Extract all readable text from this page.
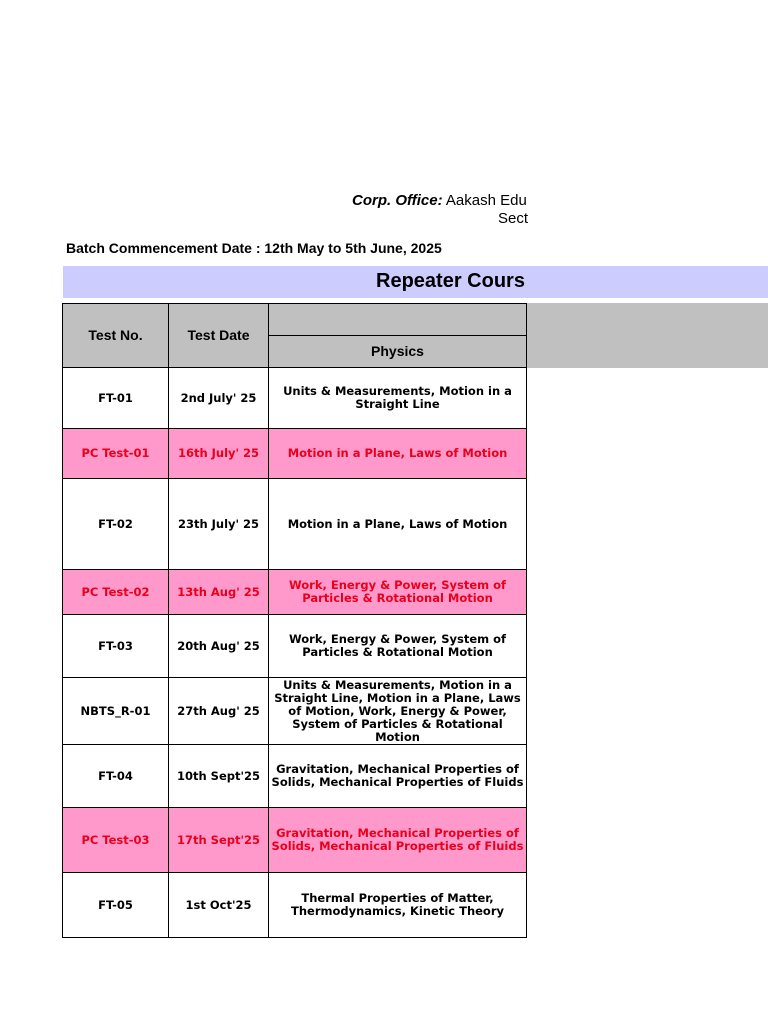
Corp. Office: Aakash Edu
Sect
Batch Commencement Date : 12th May to 5th June, 2025
Repeater Cours
Test No.	Test Date	
		Physics
FT-01	2nd July' 25	Units & Measurements, Motion in a Straight Line
PC Test-01	16th July' 25	Motion in a Plane, Laws of Motion
FT-02	23th July' 25	Motion in a Plane, Laws of Motion
PC Test-02	13th Aug' 25	Work, Energy & Power, System of Particles & Rotational Motion
FT-03	20th Aug' 25	Work, Energy & Power, System of Particles & Rotational Motion
NBTS_R-01	27th Aug' 25	Units & Measurements, Motion in a Straight Line, Motion in a Plane, Laws of Motion, Work, Energy & Power, System of Particles & Rotational Motion
FT-04	10th Sept'25	Gravitation, Mechanical Properties of Solids, Mechanical Properties of Fluids
PC Test-03	17th Sept'25	Gravitation, Mechanical Properties of Solids, Mechanical Properties of Fluids
FT-05	1st Oct'25	Thermal Properties of Matter, Thermodynamics, Kinetic Theory
